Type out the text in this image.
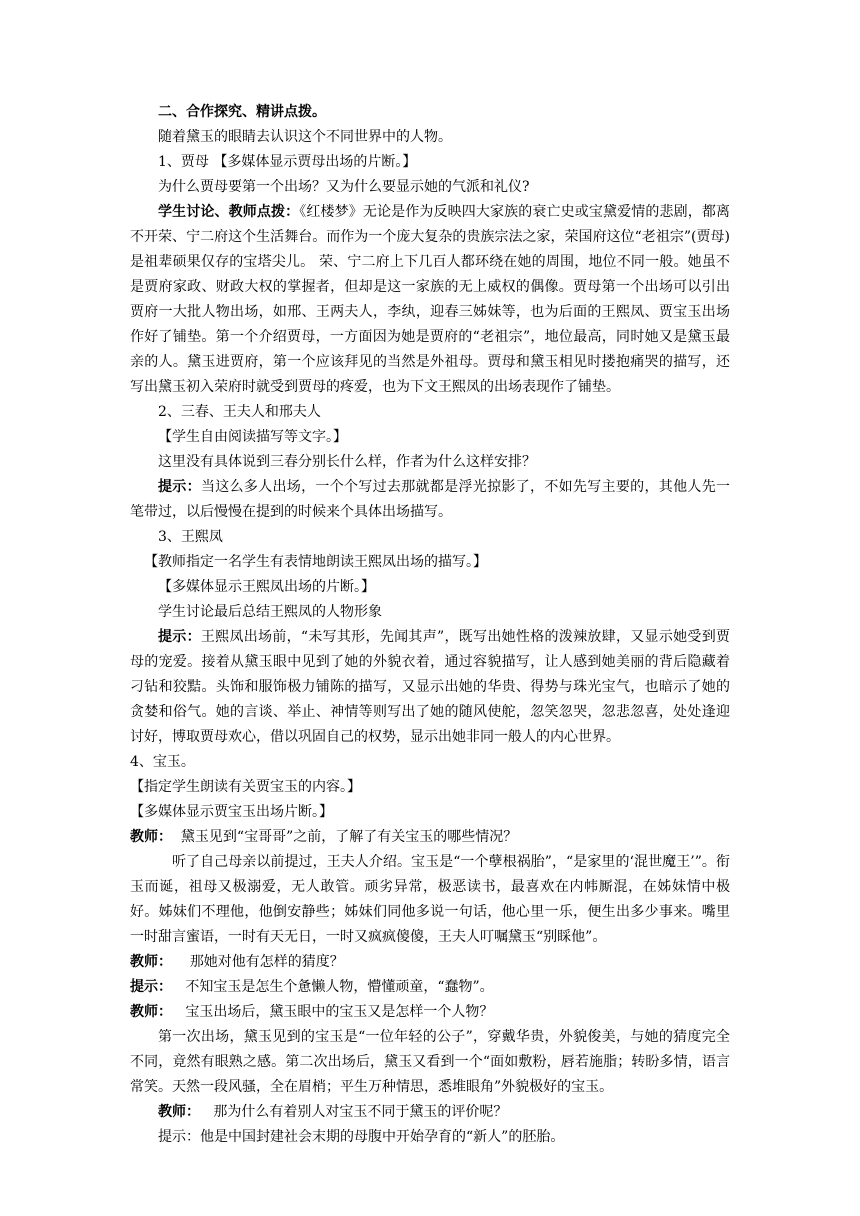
二、合作探究、精讲点拨。

随着黛玉的眼睛去认识这个不同世界中的人物。

1、贾母 【多媒体显示贾母出场的片断。】

为什么贾母要第一个出场？又为什么要显示她的气派和礼仪?

学生讨论、教师点拨：《红楼梦》无论是作为反映四大家族的衰亡史或宝黛爱情的悲剧，都离不开荣、宁二府这个生活舞台。而作为一个庞大复杂的贵族宗法之家，荣国府这位“老祖宗”(贾母)是祖辈硕果仅存的宝塔尖儿。 荣、宁二府上下几百人都环绕在她的周围，地位不同一般。她虽不是贾府家政、财政大权的掌握者，但却是这一家族的无上威权的偶像。贾母第一个出场可以引出贾府一大批人物出场，如邢、王两夫人，李纨，迎春三姊妹等，也为后面的王熙凤、贾宝玉出场作好了铺垫。第一个介绍贾母，一方面因为她是贾府的“老祖宗”，地位最高，同时她又是黛玉最亲的人。黛玉进贾府，第一个应该拜见的当然是外祖母。贾母和黛玉相见时搂抱痛哭的描写，还写出黛玉初入荣府时就受到贾母的疼爱，也为下文王熙凤的出场表现作了铺垫。

2、三春、王夫人和邢夫人

【学生自由阅读描写等文字。】

这里没有具体说到三春分别长什么样，作者为什么这样安排？

提示：当这么多人出场，一个个写过去那就都是浮光掠影了，不如先写主要的，其他人先一笔带过，以后慢慢在提到的时候来个具体出场描写。

3、王熙凤

【教师指定一名学生有表情地朗读王熙凤出场的描写。】

【多媒体显示王熙凤出场的片断。】

学生讨论最后总结王熙凤的人物形象

提示：王熙凤出场前，“未写其形，先闻其声”，既写出她性格的泼辣放肆，又显示她受到贾母的宠爱。接着从黛玉眼中见到了她的外貌衣着，通过容貌描写，让人感到她美丽的背后隐藏着刁钻和狡黠。头饰和服饰极力铺陈的描写，又显示出她的华贵、得势与珠光宝气，也暗示了她的贪婪和俗气。她的言谈、举止、神情等则写出了她的随风使舵，忽笑忽哭，忽悲忽喜，处处逢迎讨好，博取贾母欢心，借以巩固自己的权势，显示出她非同一般人的内心世界。

4、宝玉。

【指定学生朗读有关贾宝玉的内容。】

【多媒体显示贾宝玉出场片断。】

教师： 黛玉见到“宝哥哥”之前，了解了有关宝玉的哪些情况？

听了自己母亲以前提过，王夫人介绍。宝玉是“一个孽根祸胎”，“是家里的‘混世魔王’”。衔玉而诞，祖母又极溺爱，无人敢管。顽劣异常，极恶读书，最喜欢在内帏厮混，在姊妹情中极好。姊妹们不理他，他倒安静些；姊妹们同他多说一句话，他心里一乐，便生出多少事来。嘴里一时甜言蜜语，一时有天无日，一时又疯疯傻傻，王夫人叮嘱黛玉“别睬他”。

教师： 那她对他有怎样的猜度？

提示： 不知宝玉是怎生个惫懒人物，懵懂顽童，“蠢物”。

教师： 宝玉出场后，黛玉眼中的宝玉又是怎样一个人物？

第一次出场，黛玉见到的宝玉是“一位年轻的公子”，穿戴华贵，外貌俊美，与她的猜度完全不同，竟然有眼熟之感。第二次出场后，黛玉又看到一个“面如敷粉，唇若施脂；转盼多情，语言常笑。天然一段风骚，全在眉梢；平生万种情思，悉堆眼角”外貌极好的宝玉。

教师： 那为什么有着别人对宝玉不同于黛玉的评价呢？

提示：他是中国封建社会末期的母腹中开始孕育的“新人”的胚胎。
